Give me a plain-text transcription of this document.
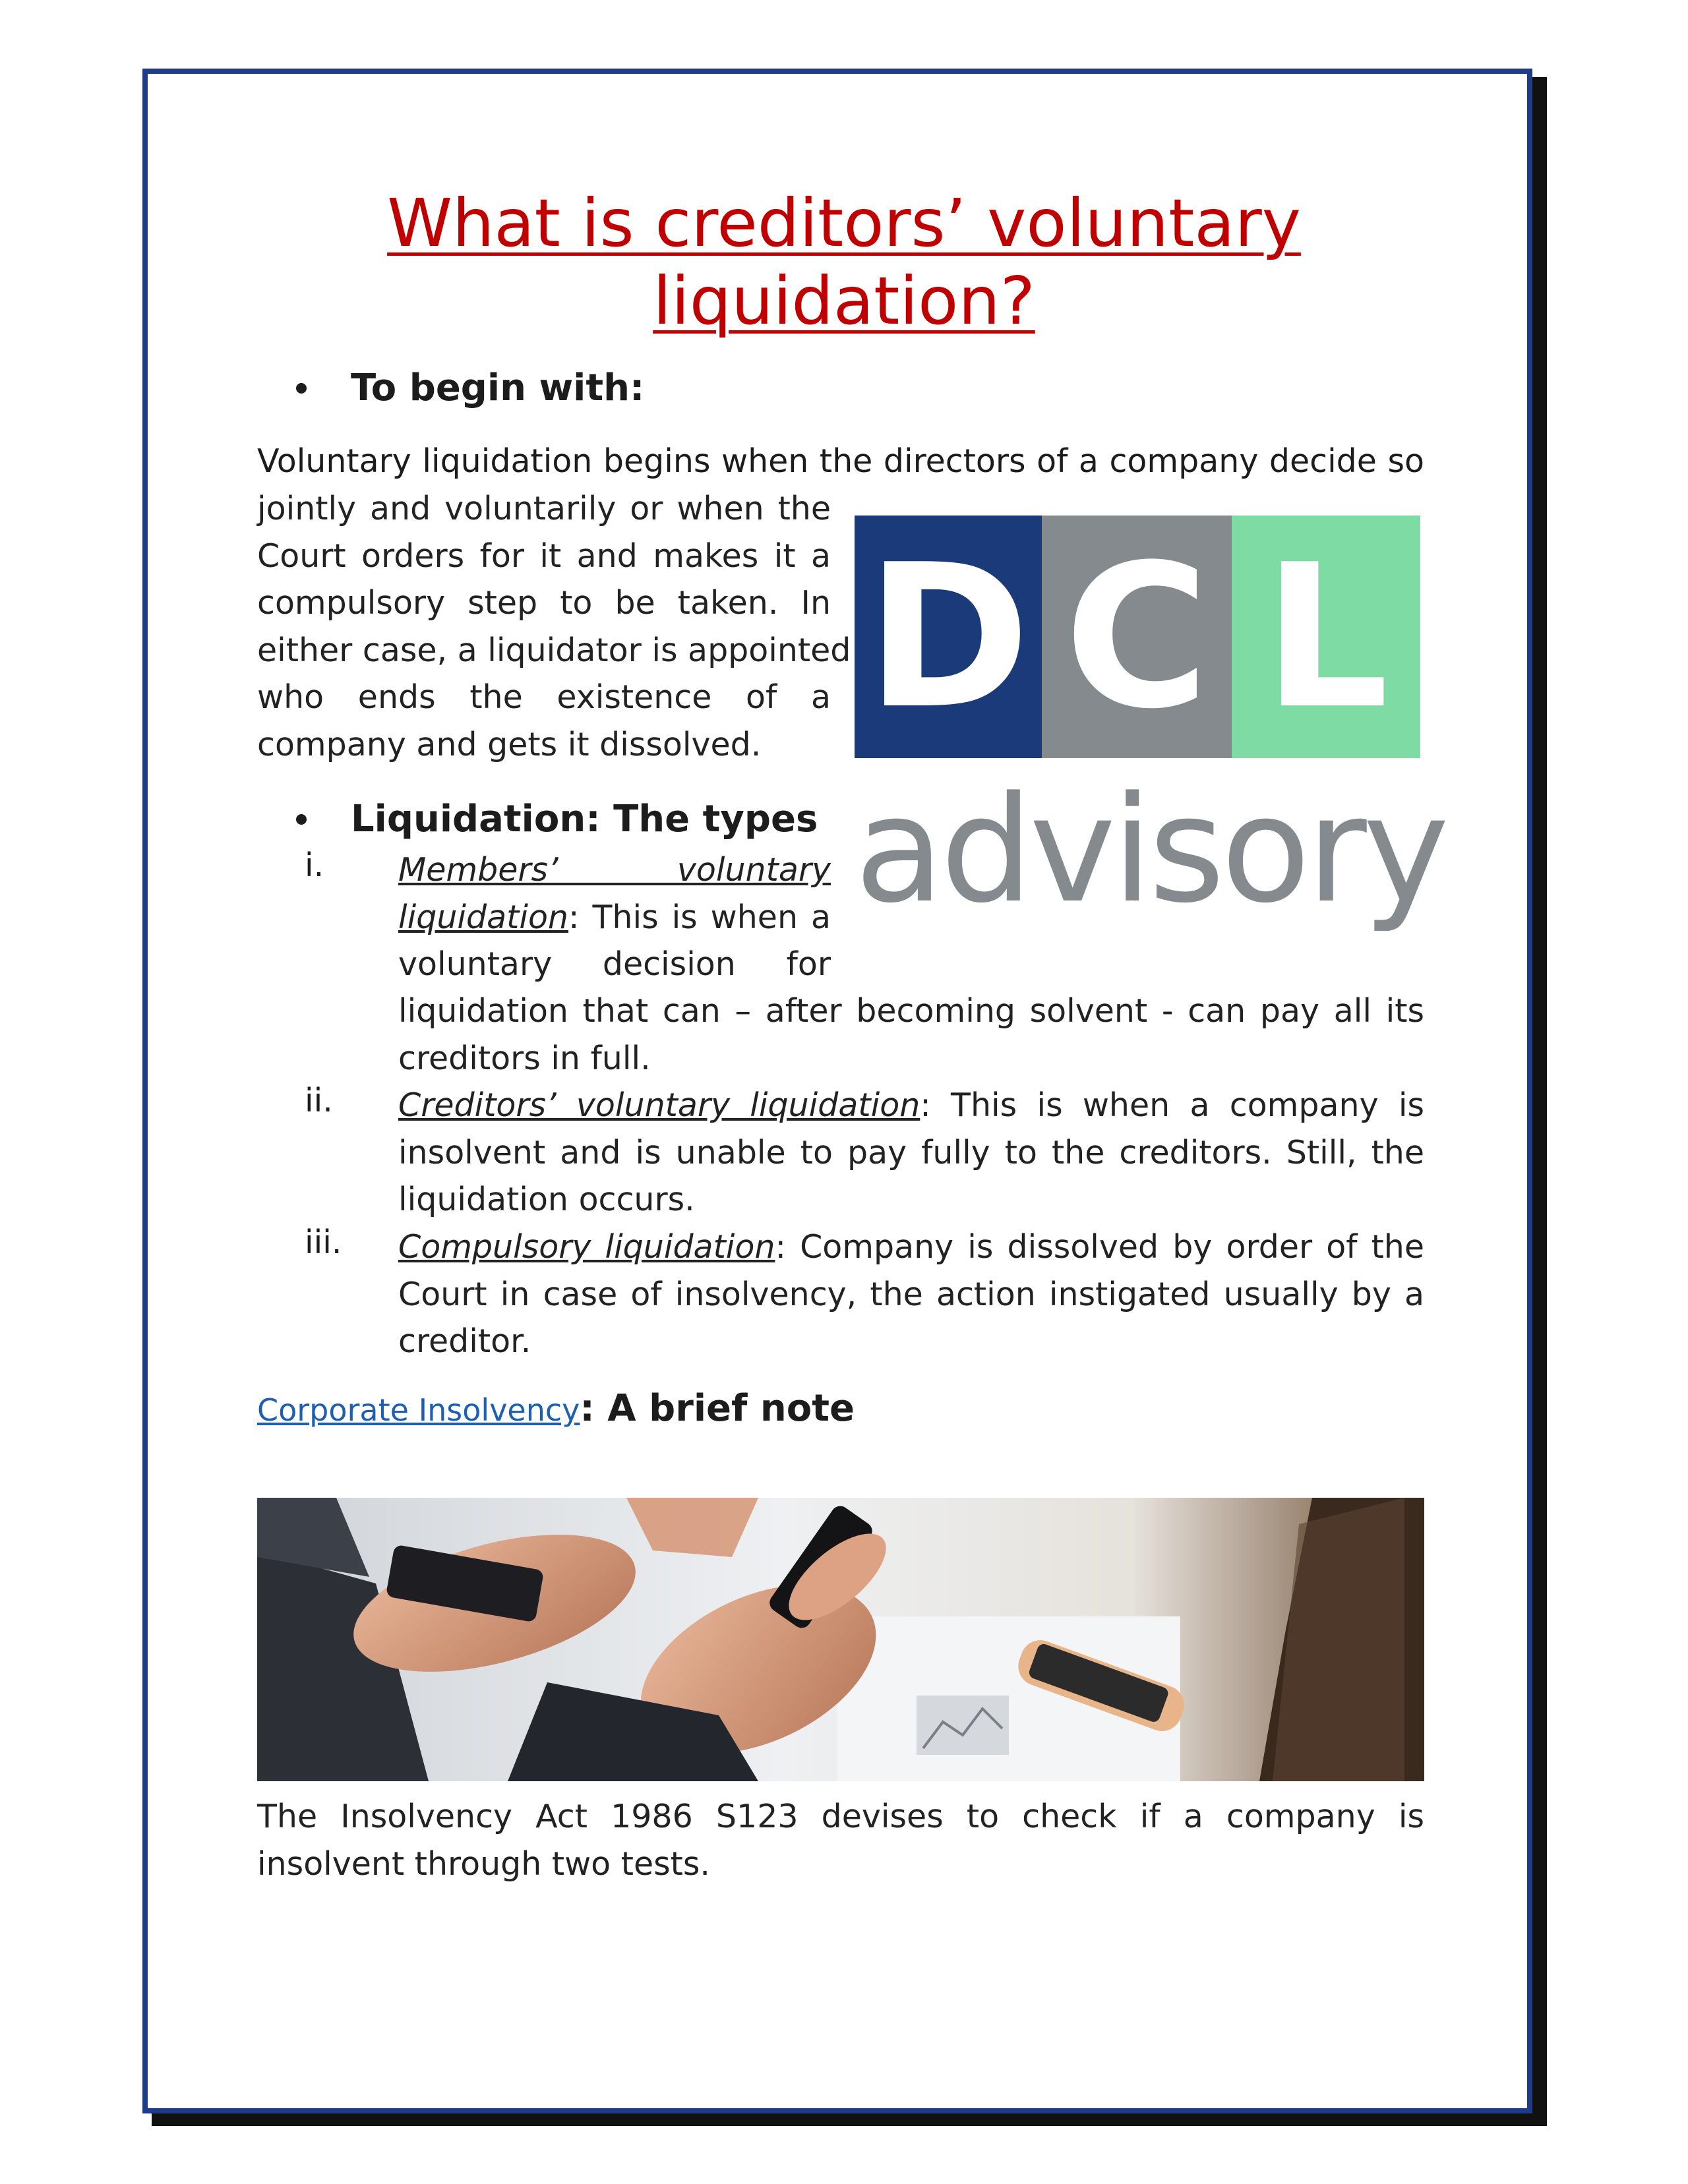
What is creditors’ voluntary
liquidation?
To begin with:
Voluntary liquidation begins when the directors of a company decide so
jointly and voluntarily or when the
Court orders for it and makes it a
compulsory step to be taken. In
either case, a liquidator is appointed
who ends the existence of a
company and gets it dissolved. D C L
advisory
Liquidation: The types
i.	Members’ voluntary
liquidation: This is when a
voluntary decision for

liquidation that can – after becoming solvent - can pay all its creditors in full.

ii.	Creditors’ voluntary liquidation: This is when a company is insolvent and is unable to pay fully to the creditors. Still, the liquidation occurs.

iii.	Compulsory liquidation: Company is dissolved by order of the Court in case of insolvency, the action instigated usually by a creditor.

Corporate Insolvency: A brief note

The Insolvency Act 1986 S123 devises to check if a company is insolvent through two tests.
